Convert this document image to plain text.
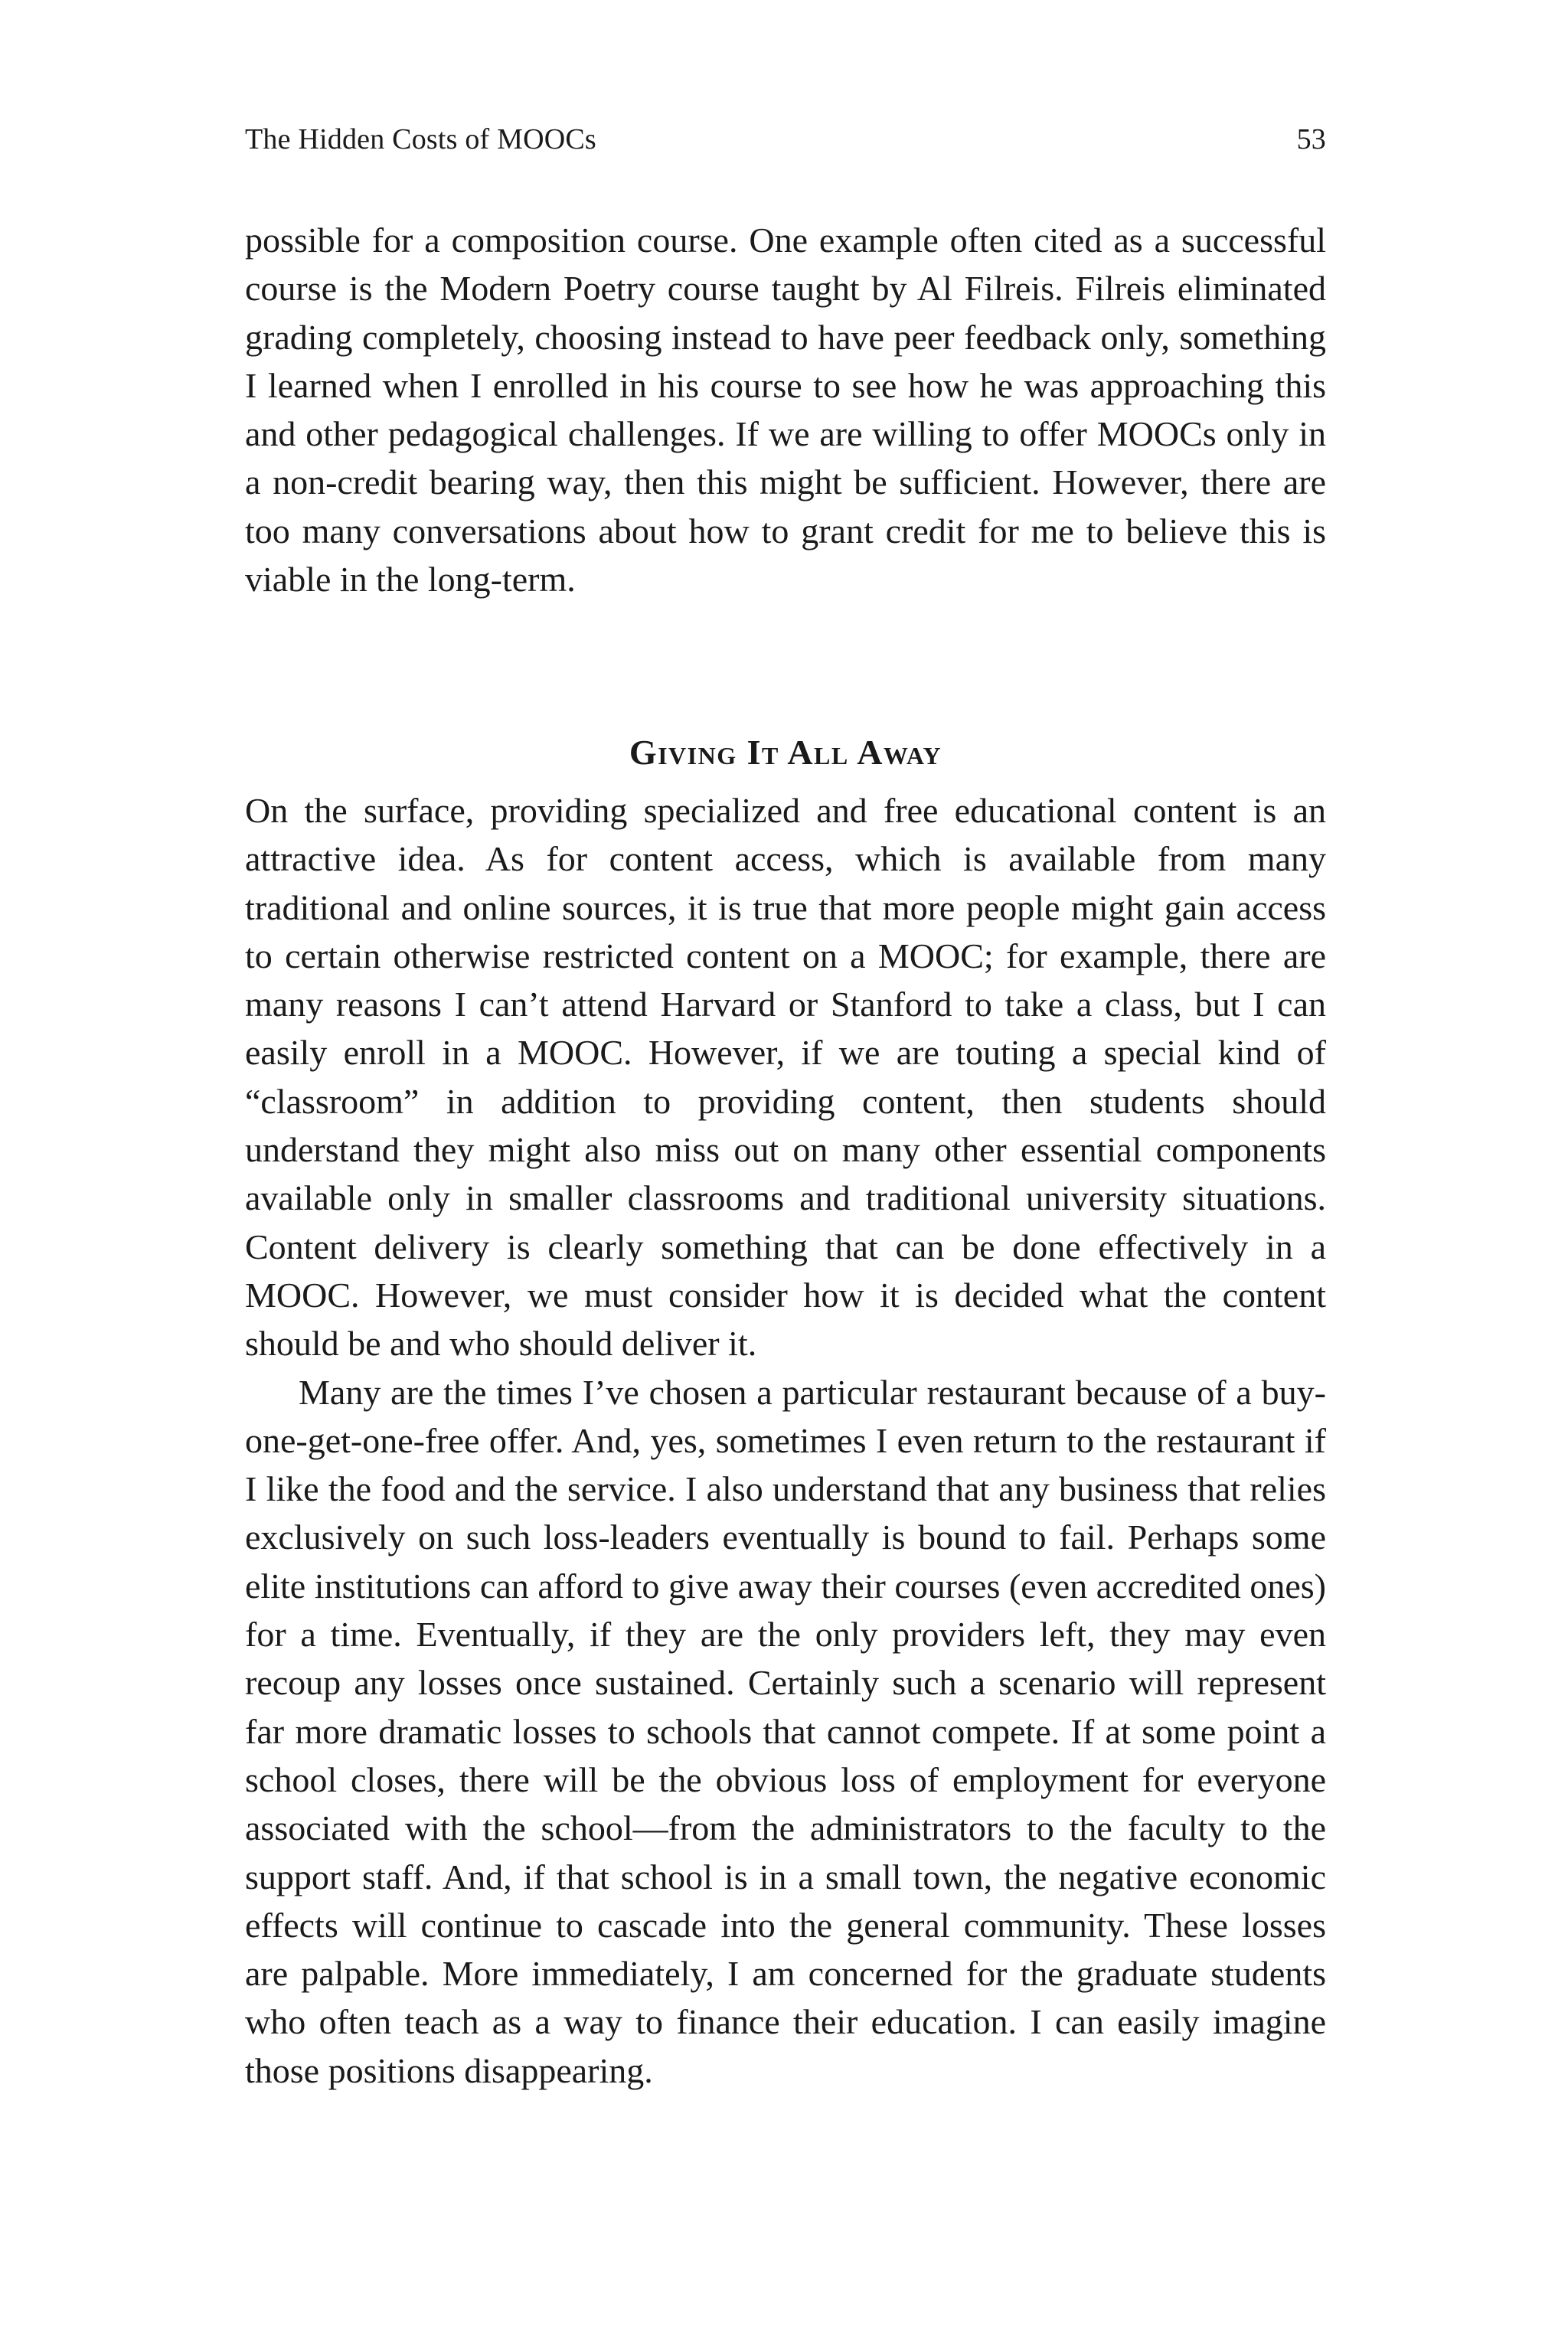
The Hidden Costs of MOOCs	53

possible for a composition course. One example often cited as a successful course is the Modern Poetry course taught by Al Filreis. Filreis eliminated grading completely, choosing instead to have peer feedback only, something I learned when I enrolled in his course to see how he was approaching this and other pedagogical challenges. If we are willing to offer MOOCs only in a non-credit bearing way, then this might be sufficient. However, there are too many conversations about how to grant credit for me to believe this is viable in the long-term.

Giving It All Away

On the surface, providing specialized and free educational content is an attractive idea. As for content access, which is available from many traditional and online sources, it is true that more people might gain access to certain otherwise restricted content on a MOOC; for example, there are many reasons I can’t attend Harvard or Stanford to take a class, but I can easily enroll in a MOOC. However, if we are touting a special kind of “classroom” in addition to providing content, then students should understand they might also miss out on many other essential components available only in smaller classrooms and traditional university situations. Content delivery is clearly something that can be done effectively in a MOOC. However, we must consider how it is decided what the content should be and who should deliver it.

Many are the times I’ve chosen a particular restaurant because of a buy-one-get-one-free offer. And, yes, sometimes I even return to the restaurant if I like the food and the service. I also understand that any business that relies exclusively on such loss-leaders eventually is bound to fail. Perhaps some elite institutions can afford to give away their courses (even accredited ones) for a time. Eventually, if they are the only providers left, they may even recoup any losses once sustained. Certainly such a scenario will represent far more dramatic losses to schools that cannot compete. If at some point a school closes, there will be the obvious loss of employment for everyone associated with the school—from the administrators to the faculty to the support staff. And, if that school is in a small town, the negative economic effects will continue to cascade into the general community. These losses are palpable. More immediately, I am concerned for the graduate students who often teach as a way to finance their education. I can easily imagine those positions disappearing.
